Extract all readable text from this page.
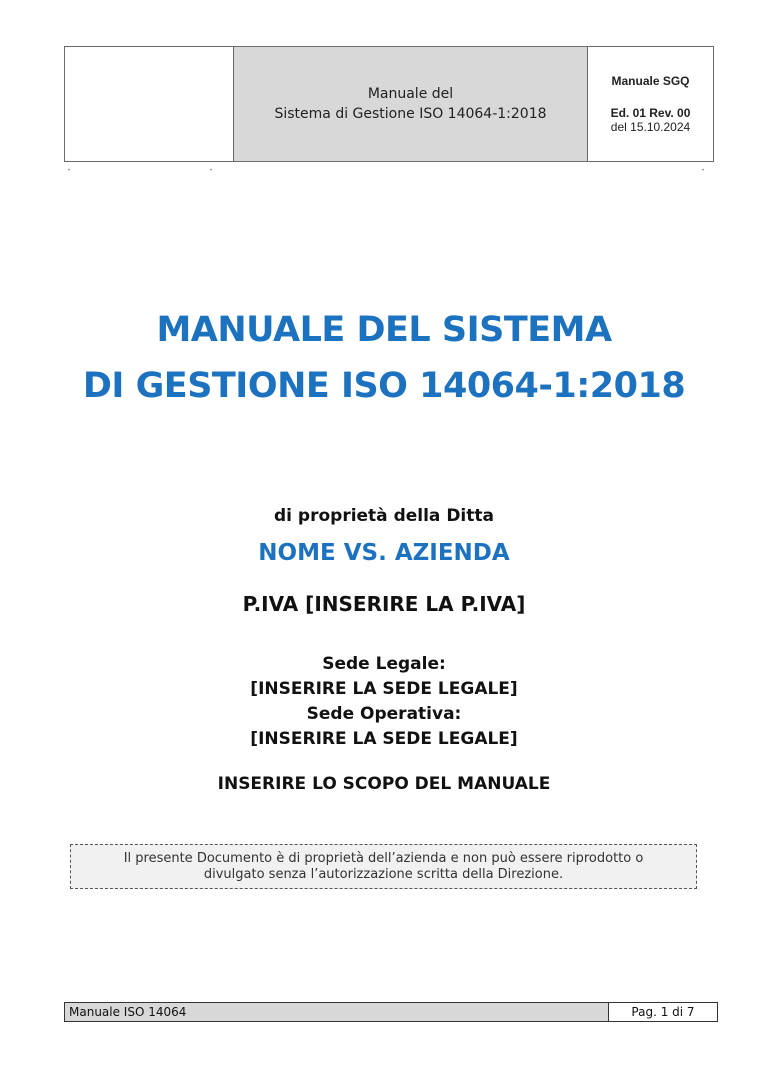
Manuale del
Sistema di Gestione ISO 14064-1:2018
Manuale SGQ
Ed. 01 Rev. 00
del 15.10.2024
•	•	•
MANUALE DEL SISTEMA
DI GESTIONE ISO 14064-1:2018
di proprietà della Ditta
NOME VS. AZIENDA
P.IVA [INSERIRE LA P.IVA]
Sede Legale:
[INSERIRE LA SEDE LEGALE]
Sede Operativa:
[INSERIRE LA SEDE LEGALE]
INSERIRE LO SCOPO DEL MANUALE
Il presente Documento è di proprietà dell’azienda e non può essere riprodotto o
divulgato senza l’autorizzazione scritta della Direzione.
Manuale ISO 14064	Pag. 1 di 7
